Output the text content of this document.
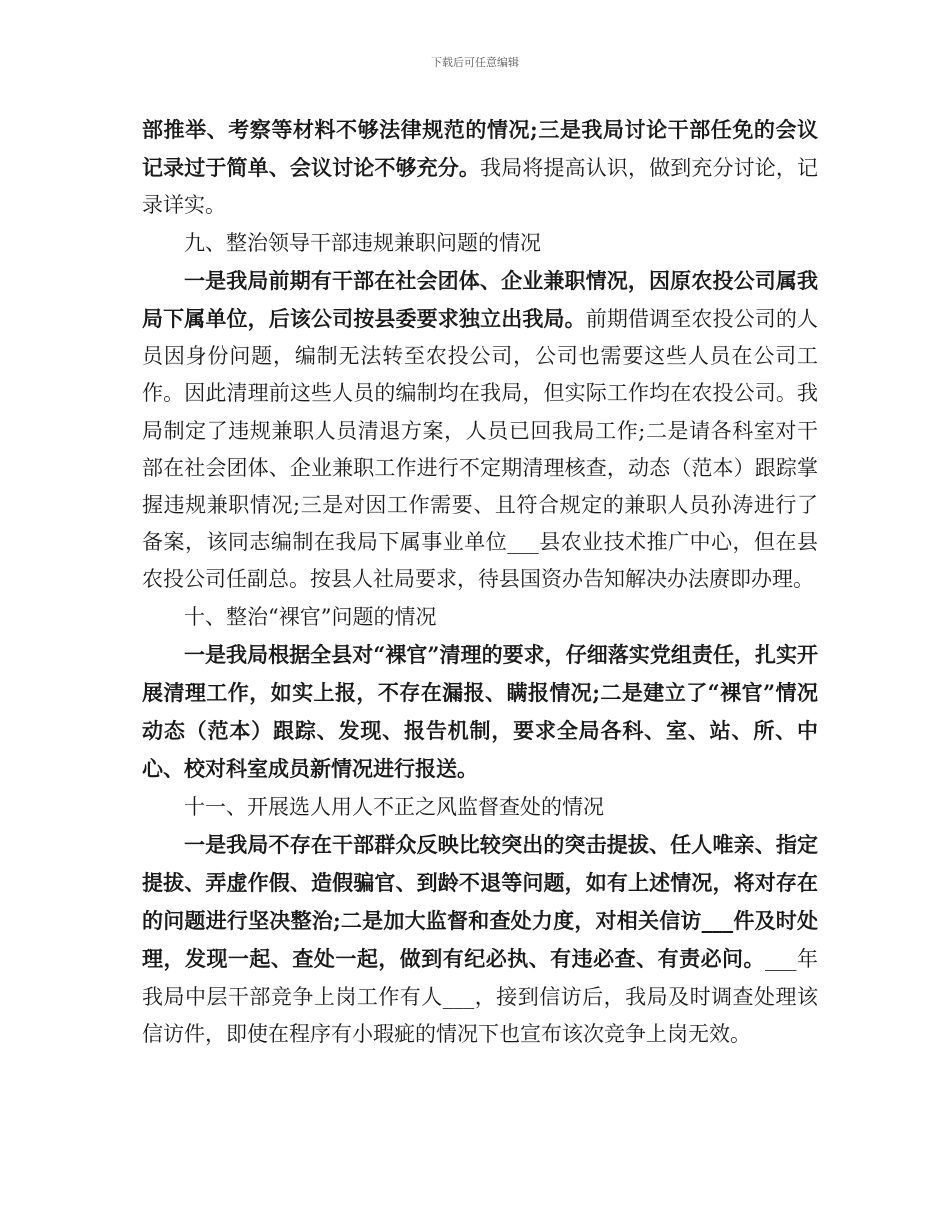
下载后可任意编辑

部推举、考察等材料不够法律规范的情况;三是我局讨论干部任免的会议记录过于简单、会议讨论不够充分。我局将提高认识，做到充分讨论，记录详实。

九、整治领导干部违规兼职问题的情况

一是我局前期有干部在社会团体、企业兼职情况，因原农投公司属我局下属单位，后该公司按县委要求独立出我局。前期借调至农投公司的人员因身份问题，编制无法转至农投公司，公司也需要这些人员在公司工作。因此清理前这些人员的编制均在我局，但实际工作均在农投公司。我局制定了违规兼职人员清退方案，人员已回我局工作;二是请各科室对干部在社会团体、企业兼职工作进行不定期清理核查，动态（范本）跟踪掌握违规兼职情况;三是对因工作需要、且符合规定的兼职人员孙涛进行了备案，该同志编制在我局下属事业单位___县农业技术推广中心，但在县农投公司任副总。按县人社局要求，待县国资办告知解决办法赓即办理。

十、整治“裸官”问题的情况

一是我局根据全县对“裸官”清理的要求，仔细落实党组责任，扎实开展清理工作，如实上报，不存在漏报、瞒报情况;二是建立了“裸官”情况动态（范本）跟踪、发现、报告机制，要求全局各科、室、站、所、中心、校对科室成员新情况进行报送。

十一、开展选人用人不正之风监督查处的情况

一是我局不存在干部群众反映比较突出的突击提拔、任人唯亲、指定提拔、弄虚作假、造假骗官、到龄不退等问题，如有上述情况，将对存在的问题进行坚决整治;二是加大监督和查处力度，对相关信访___件及时处理，发现一起、查处一起，做到有纪必执、有违必查、有责必问。___年我局中层干部竞争上岗工作有人___，接到信访后，我局及时调查处理该信访件，即使在程序有小瑕疵的情况下也宣布该次竞争上岗无效。
